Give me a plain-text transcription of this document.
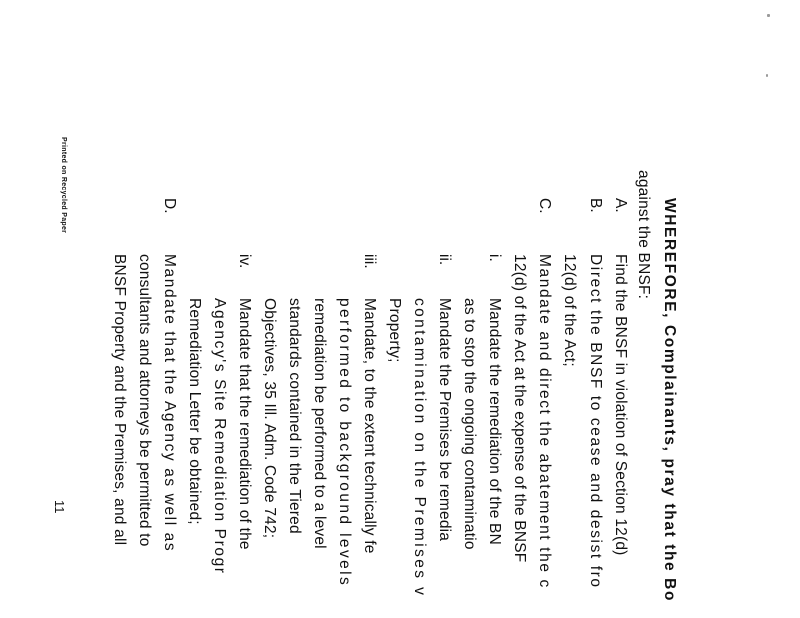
WHEREFORE, Complainants, pray that the Bo
against the BNSF:
A.
Find the BNSF in violation of Section 12(d)
B.
Direct the BNSF to cease and desist fro
12(d) of the Act;
C.
Mandate and direct the abatement the c
12(d) of the Act at the expense of the BNSF
i.
Mandate the remediation of the BN
as to stop the ongoing contaminatio
ii.
Mandate the Premises be remedia
contamination on the Premises v
Property;
iii.
Mandate, to the extent technically fe
performed to background levels
remediation be performed to a level
standards contained in the Tiered
Objectives, 35 Ill. Adm. Code 742;
iv.
Mandate that the remediation of the
Agency's Site Remediation Progr
Remediation Letter be obtained;
D.
Mandate that the Agency as well as
consultants and attorneys be permitted to
BNSF Property and the Premises, and all
11
Printed on Recycled Paper
